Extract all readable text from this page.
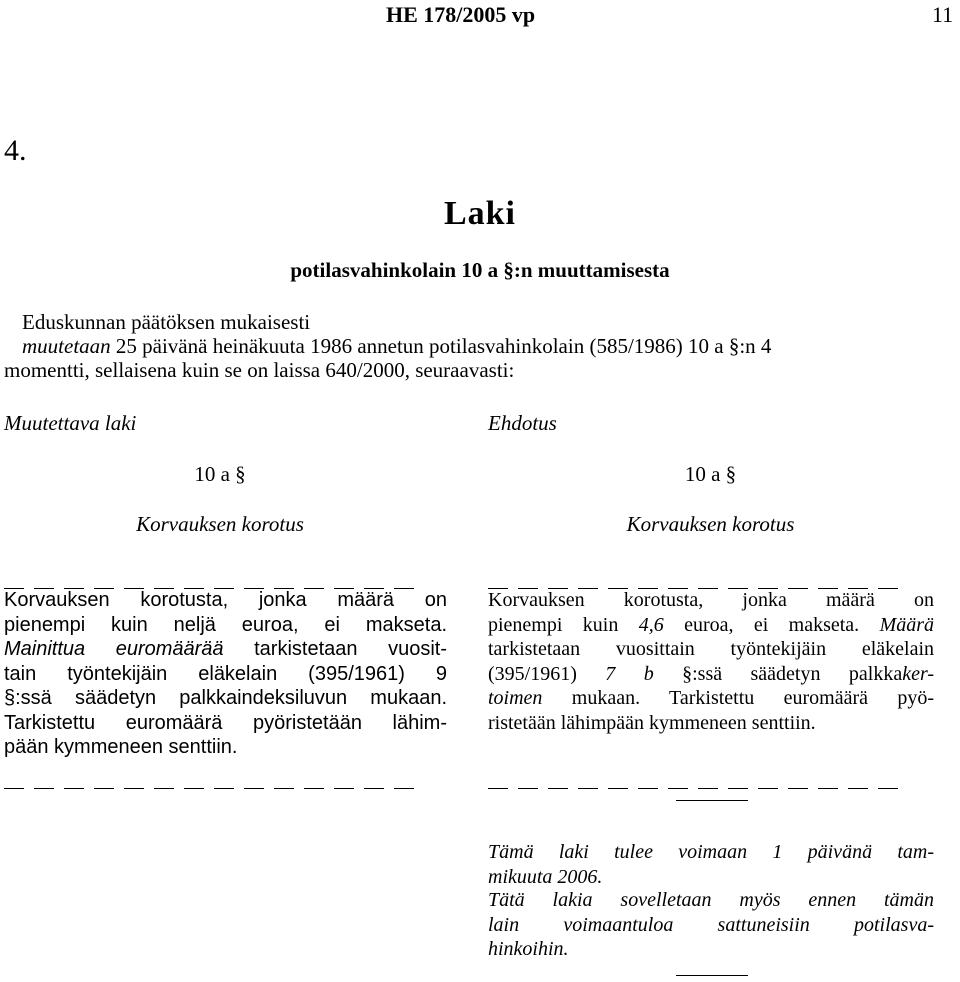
HE 178/2005 vp	11
4.
Laki
potilasvahinkolain 10 a §:n muuttamisesta
Eduskunnan päätöksen mukaisesti
muutetaan 25 päivänä heinäkuuta 1986 annetun potilasvahinkolain (585/1986) 10 a §:n 4
momentti, sellaisena kuin se on laissa 640/2000, seuraavasti:
Muutettava laki	Ehdotus
10 a §	10 a §
Korvauksen korotus	Korvauksen korotus
Korvauksen korotusta, jonka määrä on
pienempi kuin neljä euroa, ei makseta.
Mainittua euromäärää tarkistetaan vuosit-
tain työntekijäin eläkelain (395/1961) 9
§:ssä säädetyn palkkaindeksiluvun mukaan.
Tarkistettu euromäärä pyöristetään lähim-
pään kymmeneen senttiin.
Korvauksen korotusta, jonka määrä on
pienempi kuin 4,6 euroa, ei makseta. Määrä
tarkistetaan vuosittain työntekijäin eläkelain
(395/1961) 7 b §:ssä säädetyn palkkaker-
toimen mukaan. Tarkistettu euromäärä pyö-
ristetään lähimpään kymmeneen senttiin.
Tämä laki tulee voimaan 1 päivänä tam-
mikuuta 2006.
Tätä lakia sovelletaan myös ennen tämän
lain voimaantuloa sattuneisiin potilasva-
hinkoihin.
